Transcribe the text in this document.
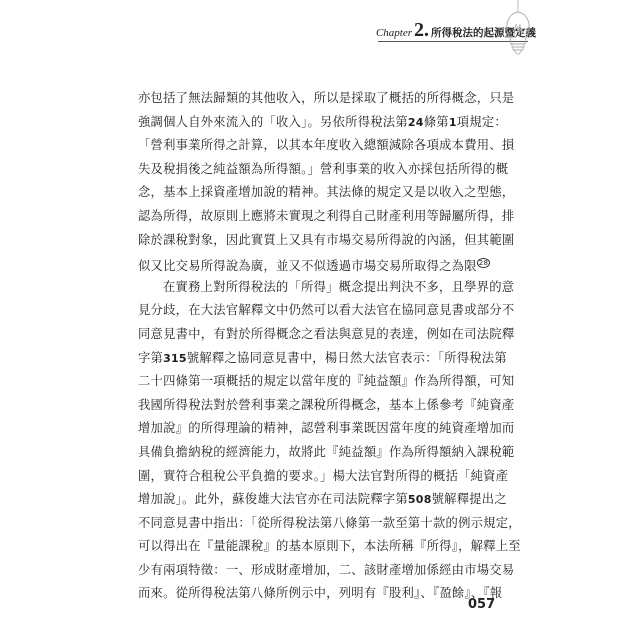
Chapter 2. 所得稅法的起源暨定義
亦包括了無法歸類的其他收入，所以是採取了概括的所得概念，只是
強調個人自外來流入的「收入」。另依所得稅法第24條第1項規定：
「營利事業所得之計算，以其本年度收入總額減除各項成本費用、損
失及稅捐後之純益額為所得額。」營利事業的收入亦採包括所得的概
念，基本上採資產增加說的精神。其法條的規定又是以收入之型態，
認為所得，故原則上應將未實現之利得自己財產利用等歸屬所得，排
除於課稅對象，因此實質上又具有市場交易所得說的內涵，但其範圍
似又比交易所得說為廣，並又不似透過市場交易所取得之為限 $^{28}$
在實務上對所得稅法的「所得」概念提出判決不多，且學界的意
見分歧，在大法官解釋文中仍然可以看大法官在協同意見書或部分不
同意見書中，有對於所得概念之看法與意見的表達，例如在司法院釋
字第315號解釋之協同意見書中，楊日然大法官表示：「所得稅法第
二十四條第一項概括的規定以當年度的『純益額』作為所得額，可知
我國所得稅法對於營利事業之課稅所得概念，基本上係參考『純資產
增加說』的所得理論的精神，認營利事業既因當年度的純資產增加而
具備負擔納稅的經濟能力，故將此『純益額』作為所得額納入課稅範
圍，實符合租稅公平負擔的要求。」楊大法官對所得的概括「純資產
增加說」。此外，蘇俊雄大法官亦在司法院釋字第508號解釋提出之
不同意見書中指出：「從所得稅法第八條第一款至第十款的例示規定，
可以得出在『量能課稅』的基本原則下，本法所稱『所得』，解釋上至
少有兩項特徵：一、形成財產增加，二、該財產增加係經由市場交易
而來。從所得稅法第八條所例示中，列明有『股利』、『盈餘』、『報
057
